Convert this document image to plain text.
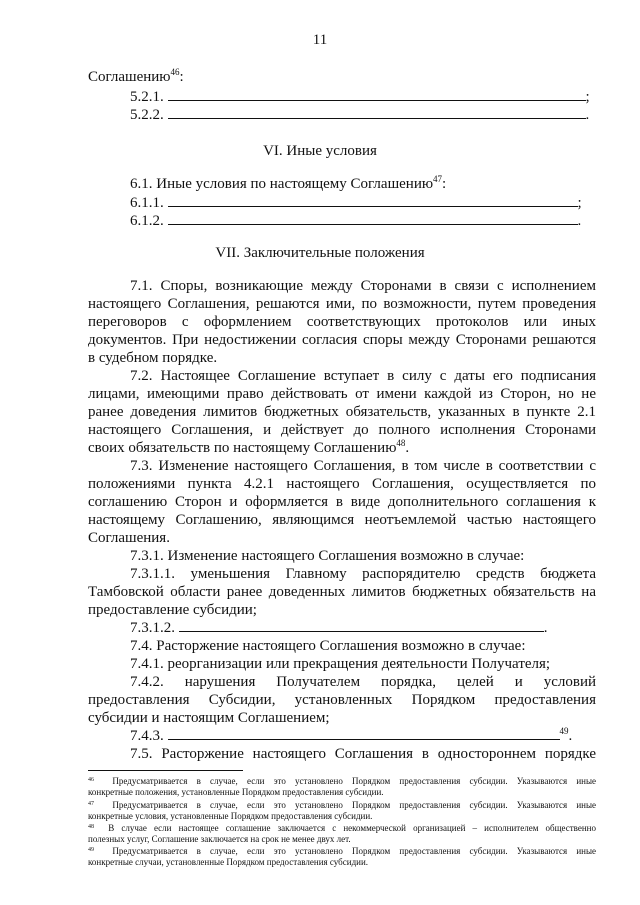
11
Соглашению$^{46}$:
5.2.1.	;
5.2.2.	.
VI. Иные условия
6.1. Иные условия по настоящему Соглашению$^{47}$:
6.1.1.	;
6.1.2.	.
VII. Заключительные положения
7.1. Споры, возникающие между Сторонами в связи с исполнением
настоящего Соглашения, решаются ими, по возможности, путем проведения
переговоров с оформлением соответствующих протоколов или иных
документов. При недостижении согласия споры между Сторонами решаются
в судебном порядке.
7.2. Настоящее Соглашение вступает в силу с даты его подписания
лицами, имеющими право действовать от имени каждой из Сторон, но не
ранее доведения лимитов бюджетных обязательств, указанных в пункте 2.1
настоящего Соглашения, и действует до полного исполнения Сторонами
своих обязательств по настоящему Соглашению$^{48}$.
7.3. Изменение настоящего Соглашения, в том числе в соответствии с
положениями пункта 4.2.1 настоящего Соглашения, осуществляется по
соглашению Сторон и оформляется в виде дополнительного соглашения к
настоящему Соглашению, являющимся неотъемлемой частью настоящего
Соглашения.
7.3.1. Изменение настоящего Соглашения возможно в случае:
7.3.1.1. уменьшения Главному распорядителю средств бюджета
Тамбовской области ранее доведенных лимитов бюджетных обязательств на
предоставление субсидии;
7.3.1.2.	.
7.4. Расторжение настоящего Соглашения возможно в случае:
7.4.1. реорганизации или прекращения деятельности Получателя;
7.4.2. нарушения Получателем порядка, целей и условий
предоставления Субсидии, установленных Порядком предоставления
субсидии и настоящим Соглашением;
7.4.3.	$^{49}$.
7.5. Расторжение настоящего Соглашения в одностороннем порядке
$^{46}$ Предусматривается в случае, если это установлено Порядком предоставления субсидии. Указываются иные
конкретные положения, установленные Порядком предоставления субсидии.
$^{47}$ Предусматривается в случае, если это установлено Порядком предоставления субсидии. Указываются иные
конкретные условия, установленные Порядком предоставления субсидии.
$^{48}$ В случае если настоящее соглашение заключается с некоммерческой организацией – исполнителем общественно
полезных услуг, Соглашение заключается на срок не менее двух лет.
$^{49}$ Предусматривается в случае, если это установлено Порядком предоставления субсидии. Указываются иные
конкретные случаи, установленные Порядком предоставления субсидии.
